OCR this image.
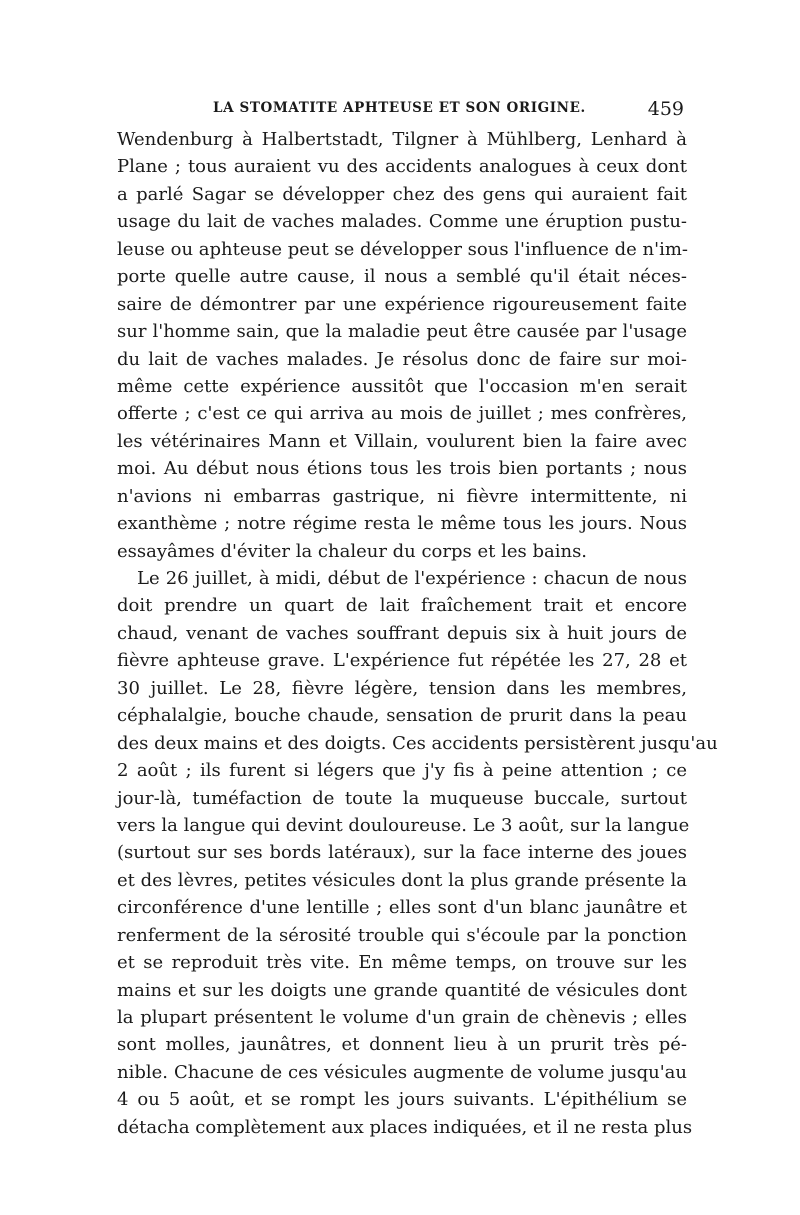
LA STOMATITE APHTEUSE ET SON ORIGINE.	459
Wendenburg à Halbertstadt, Tilgner à Mühlberg, Lenhard à
Plane ; tous auraient vu des accidents analogues à ceux dont
a parlé Sagar se développer chez des gens qui auraient fait
usage du lait de vaches malades. Comme une éruption pustu-
leuse ou aphteuse peut se développer sous l'influence de n'im-
porte quelle autre cause, il nous a semblé qu'il était néces-
saire de démontrer par une expérience rigoureusement faite
sur l'homme sain, que la maladie peut être causée par l'usage
du lait de vaches malades. Je résolus donc de faire sur moi-
même cette expérience aussitôt que l'occasion m'en serait
offerte ; c'est ce qui arriva au mois de juillet ; mes confrères,
les vétérinaires Mann et Villain, voulurent bien la faire avec
moi. Au début nous étions tous les trois bien portants ; nous
n'avions ni embarras gastrique, ni fièvre intermittente, ni
exanthème ; notre régime resta le même tous les jours. Nous
essayâmes d'éviter la chaleur du corps et les bains.
Le 26 juillet, à midi, début de l'expérience : chacun de nous
doit prendre un quart de lait fraîchement trait et encore
chaud, venant de vaches souffrant depuis six à huit jours de
fièvre aphteuse grave. L'expérience fut répétée les 27, 28 et
30 juillet. Le 28, fièvre légère, tension dans les membres,
céphalalgie, bouche chaude, sensation de prurit dans la peau
des deux mains et des doigts. Ces accidents persistèrent jusqu'au
2 août ; ils furent si légers que j'y fis à peine attention ; ce
jour-là, tuméfaction de toute la muqueuse buccale, surtout
vers la langue qui devint douloureuse. Le 3 août, sur la langue
(surtout sur ses bords latéraux), sur la face interne des joues
et des lèvres, petites vésicules dont la plus grande présente la
circonférence d'une lentille ; elles sont d'un blanc jaunâtre et
renferment de la sérosité trouble qui s'écoule par la ponction
et se reproduit très vite. En même temps, on trouve sur les
mains et sur les doigts une grande quantité de vésicules dont
la plupart présentent le volume d'un grain de chènevis ; elles
sont molles, jaunâtres, et donnent lieu à un prurit très pé-
nible. Chacune de ces vésicules augmente de volume jusqu'au
4 ou 5 août, et se rompt les jours suivants. L'épithélium se
détacha complètement aux places indiquées, et il ne resta plus
